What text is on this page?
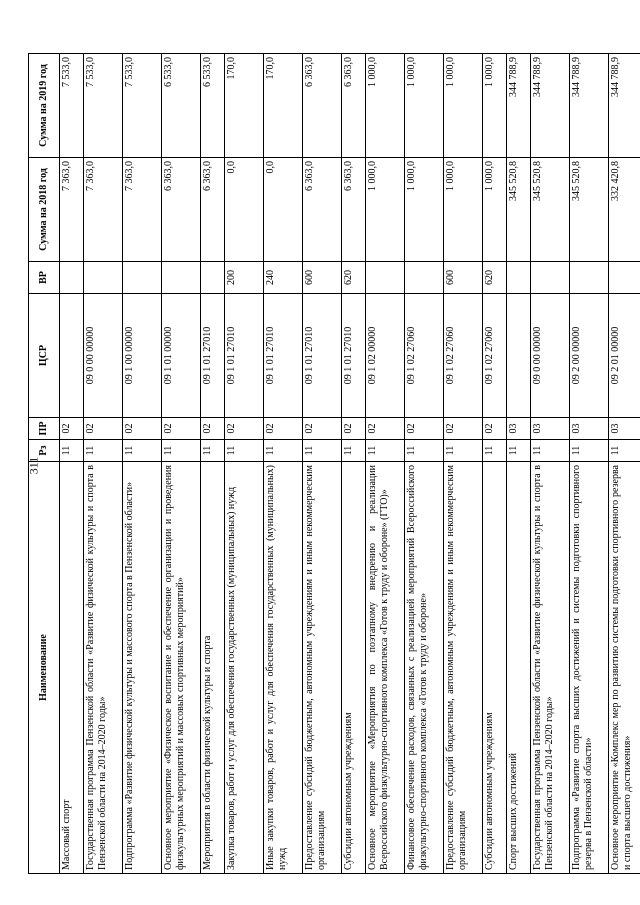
311
Наименование	Рз	ПР	ЦСР	ВР	Сумма на 2018 год	Сумма на 2019 год
Массовый спорт	11	02			7 363,0	7 533,0
Государственная программа Пензенской области «Развитие физической культуры и спорта в Пензенской области на 2014–2020 годы»	11	02	09 0 00 00000		7 363,0	7 533,0
Подпрограмма «Развитие физической культуры и массового спорта в Пензенской области»	11	02	09 1 00 00000		7 363,0	7 533,0
Основное мероприятие «Физическое воспитание и обеспечение организации и проведения физкультурных мероприятий и массовых спортивных мероприятий»	11	02	09 1 01 00000		6 363,0	6 533,0
Мероприятия в области физической культуры и спорта	11	02	09 1 01 27010		6 363,0	6 533,0
Закупка товаров, работ и услуг для обеспечения государственных (муниципальных) нужд	11	02	09 1 01 27010	200	0,0	170,0
Иные закупки товаров, работ и услуг для обеспечения государственных (муниципальных) нужд	11	02	09 1 01 27010	240	0,0	170,0
Предоставление субсидий бюджетным, автономным учреждениям и иным некоммерческим организациям	11	02	09 1 01 27010	600	6 363,0	6 363,0
Субсидии автономным учреждениям	11	02	09 1 01 27010	620	6 363,0	6 363,0
Основное мероприятие «Мероприятия по поэтапному внедрению и реализации Всероссийского физкультурно-спортивного комплекса «Готов к труду и обороне» (ГТО)»	11	02	09 1 02 00000		1 000,0	1 000,0
Финансовое обеспечение расходов, связанных с реализацией мероприятий Всероссийского физкультурно-спортивного комплекса «Готов к труду и обороне»	11	02	09 1 02 27060		1 000,0	1 000,0
Предоставление субсидий бюджетным, автономным учреждениям и иным некоммерческим организациям	11	02	09 1 02 27060	600	1 000,0	1 000,0
Субсидии автономным учреждениям	11	02	09 1 02 27060	620	1 000,0	1 000,0
Спорт высших достижений	11	03			345 520,8	344 788,9
Государственная программа Пензенской области «Развитие физической культуры и спорта в Пензенской области на 2014–2020 годы»	11	03	09 0 00 00000		345 520,8	344 788,9
Подпрограмма «Развитие спорта высших достижений и системы подготовки спортивного резерва в Пензенской области»	11	03	09 2 00 00000		345 520,8	344 788,9
Основное мероприятие «Комплекс мер по развитию системы подготовки спортивного резерва и спорта высшего достижения»	11	03	09 2 01 00000		332 420,8	344 788,9
